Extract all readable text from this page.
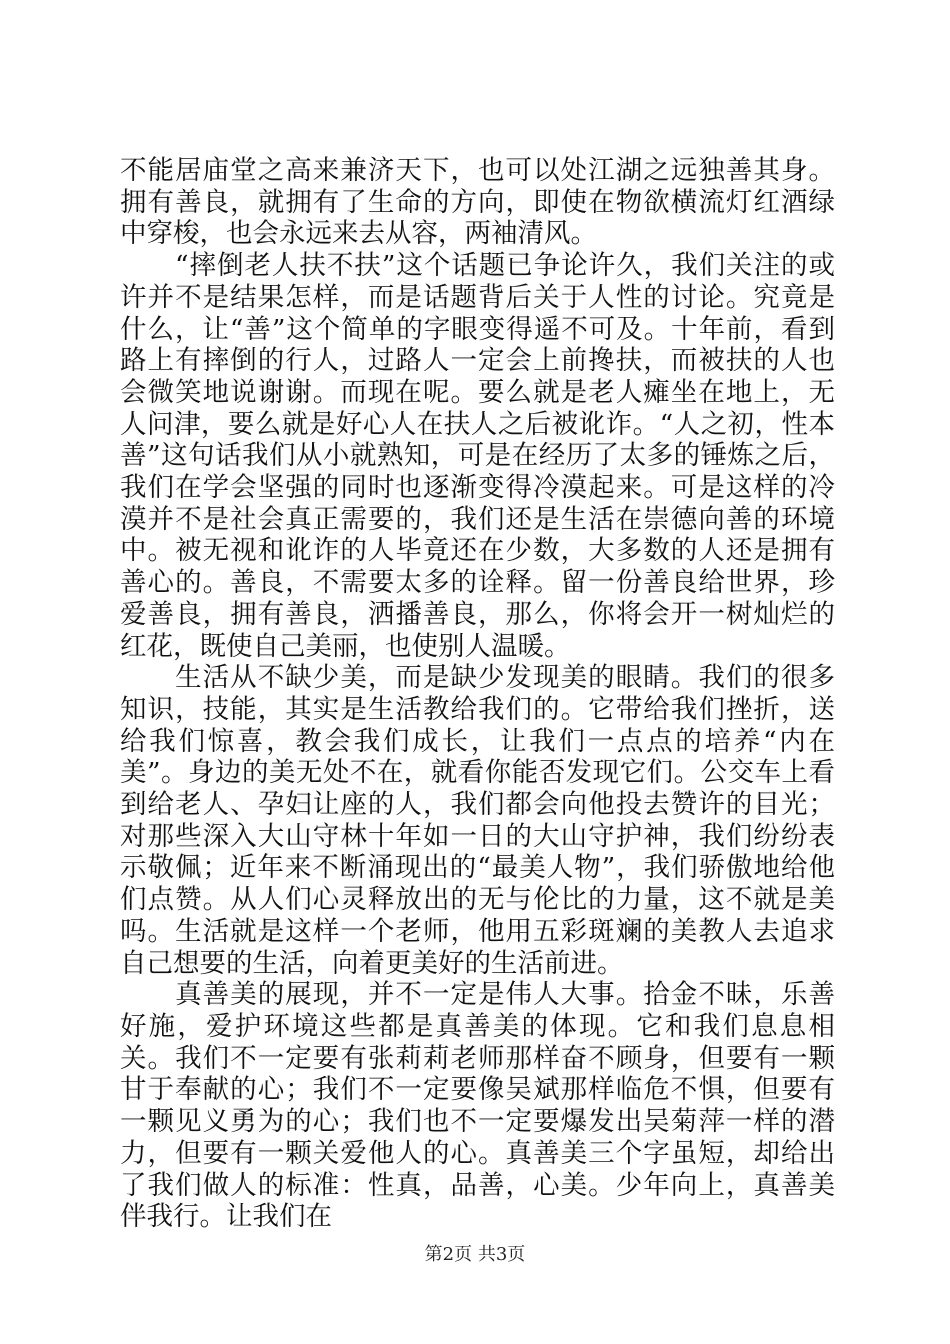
不能居庙堂之高来兼济天下，也可以处江湖之远独善其身。拥有善良，就拥有了生命的方向，即使在物欲横流灯红酒绿中穿梭，也会永远来去从容，两袖清风。

　　“摔倒老人扶不扶”这个话题已争论许久，我们关注的或许并不是结果怎样，而是话题背后关于人性的讨论。究竟是什么，让“善”这个简单的字眼变得遥不可及。十年前，看到路上有摔倒的行人，过路人一定会上前搀扶，而被扶的人也会微笑地说谢谢。而现在呢。要么就是老人瘫坐在地上，无人问津，要么就是好心人在扶人之后被讹诈。“人之初，性本善”这句话我们从小就熟知，可是在经历了太多的锤炼之后，我们在学会坚强的同时也逐渐变得冷漠起来。可是这样的冷漠并不是社会真正需要的，我们还是生活在崇德向善的环境中。被无视和讹诈的人毕竟还在少数，大多数的人还是拥有善心的。善良，不需要太多的诠释。留一份善良给世界，珍爱善良，拥有善良，洒播善良，那么，你将会开一树灿烂的红花，既使自己美丽，也使别人温暖。

　　生活从不缺少美，而是缺少发现美的眼睛。我们的很多知识，技能，其实是生活教给我们的。它带给我们挫折，送给我们惊喜，教会我们成长，让我们一点点的培养“内在美”。身边的美无处不在，就看你能否发现它们。公交车上看到给老人、孕妇让座的人，我们都会向他投去赞许的目光；对那些深入大山守林十年如一日的大山守护神，我们纷纷表示敬佩；近年来不断涌现出的“最美人物”，我们骄傲地给他们点赞。从人们心灵释放出的无与伦比的力量，这不就是美吗。生活就是这样一个老师，他用五彩斑斓的美教人去追求自己想要的生活，向着更美好的生活前进。

　　真善美的展现，并不一定是伟人大事。拾金不昧，乐善好施，爱护环境这些都是真善美的体现。它和我们息息相关。我们不一定要有张莉莉老师那样奋不顾身，但要有一颗甘于奉献的心；我们不一定要像吴斌那样临危不惧，但要有一颗见义勇为的心；我们也不一定要爆发出吴菊萍一样的潜力，但要有一颗关爱他人的心。真善美三个字虽短，却给出了我们做人的标准：性真，品善，心美。少年向上，真善美伴我行。让我们在

第2页 共3页
